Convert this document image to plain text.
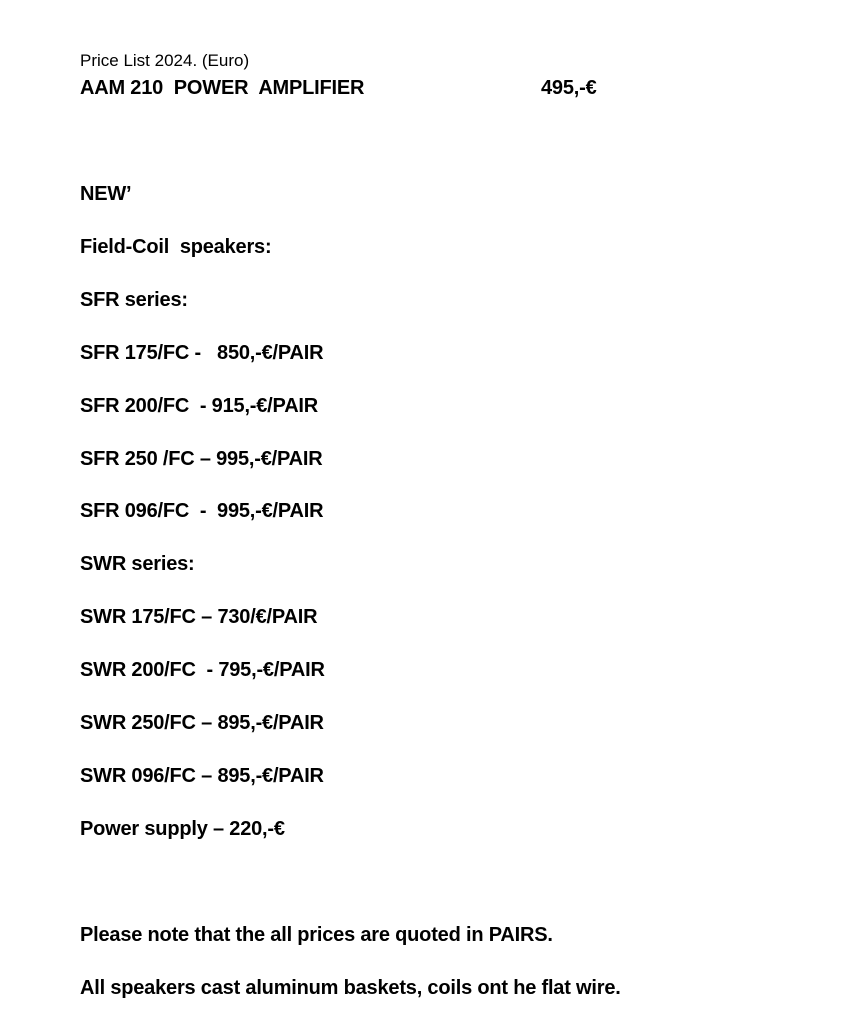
Price List 2024. (Euro)
AAM 210  POWER  AMPLIFIER	495,-€
NEW’
Field-Coil  speakers:
SFR series:
SFR 175/FC -   850,-€/PAIR
SFR 200/FC  - 915,-€/PAIR
SFR 250 /FC – 995,-€/PAIR
SFR 096/FC  -  995,-€/PAIR
SWR series:
SWR 175/FC – 730/€/PAIR
SWR 200/FC  - 795,-€/PAIR
SWR 250/FC – 895,-€/PAIR
SWR 096/FC – 895,-€/PAIR
Power supply – 220,-€
Please note that the all prices are quoted in PAIRS.
All speakers cast aluminum baskets, coils ont he flat wire.
